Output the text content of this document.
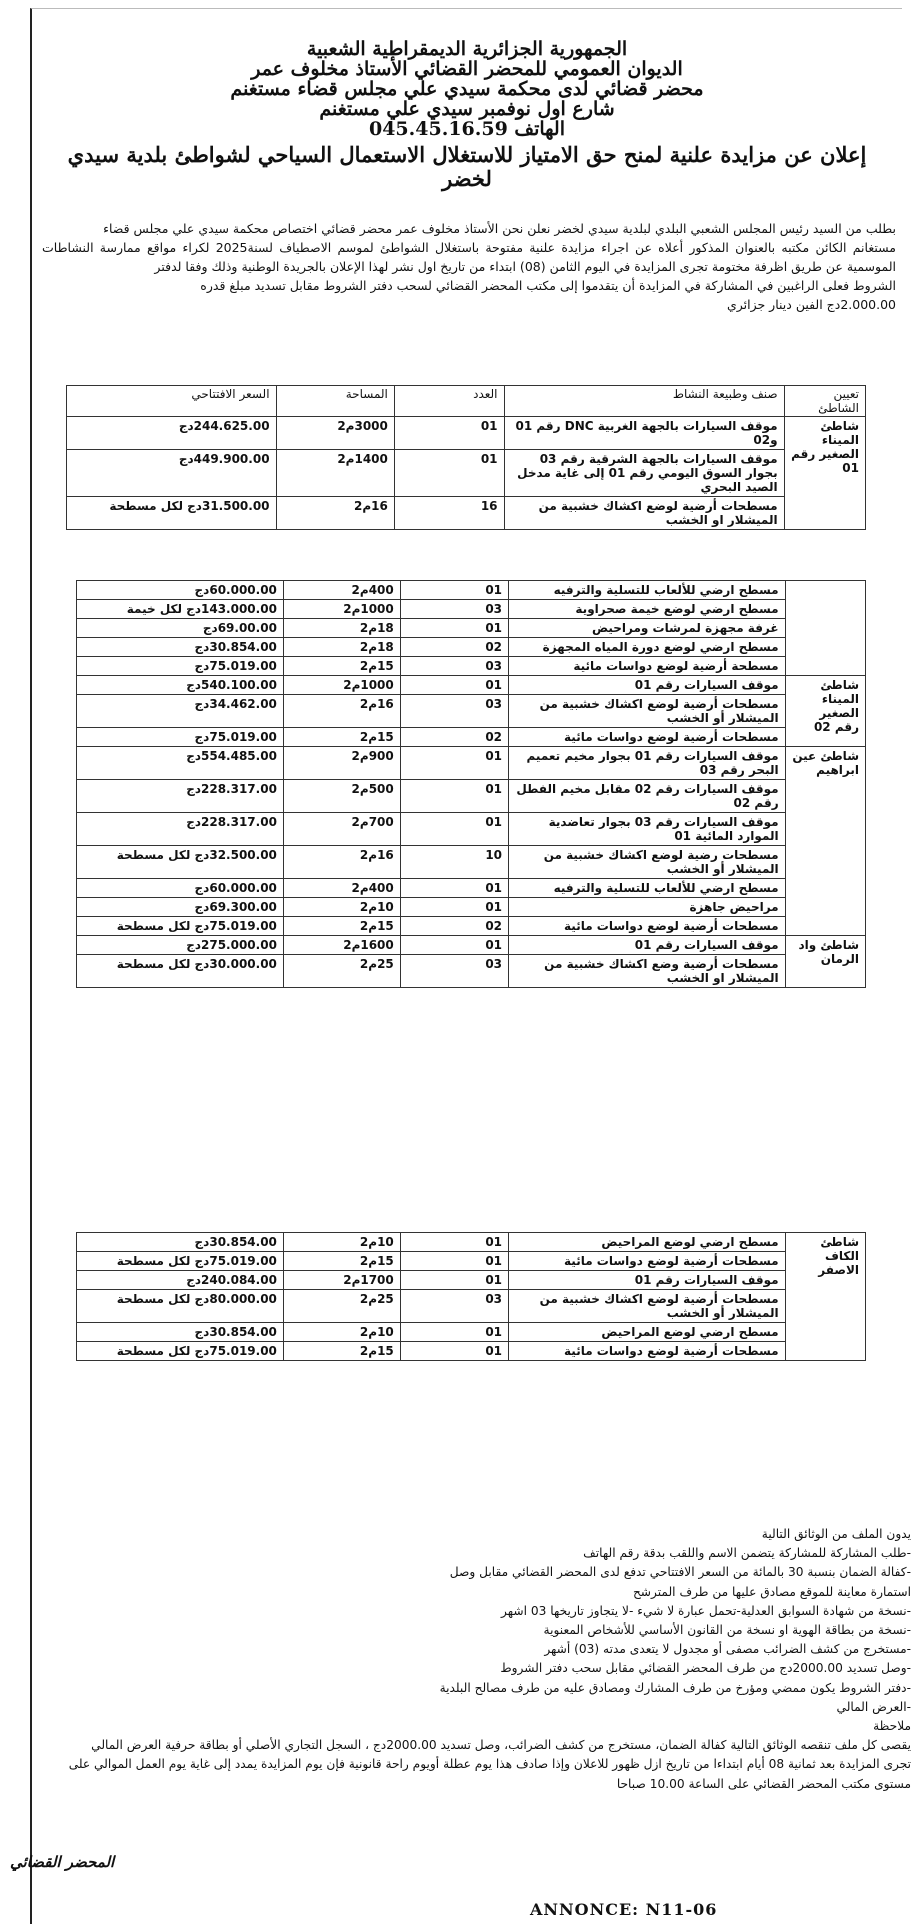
الجمهورية الجزائرية الديمقراطية الشعبية
الديوان العمومي للمحضر القضائي الأستاذ مخلوف عمر
محضر قضائي لدى محكمة سيدي علي مجلس قضاء مستغنم
شارع اول نوفمبر سيدي علي مستغنم
الهاتف 045.45.16.59
إعلان عن مزايدة علنية لمنح حق الامتياز للاستغلال الاستعمال السياحي لشواطئ بلدية سيدي لخضر

بطلب من السيد رئيس المجلس الشعبي البلدي لبلدية سيدي لخضر نعلن نحن الأستاذ مخلوف عمر محضر قضائي اختصاص محكمة سيدي علي مجلس قضاء

مستغانم الكائن مكتبه بالعنوان المذكور أعلاه عن اجراء مزايدة علنية مفتوحة باستغلال الشواطئ لموسم الاصطياف لسنة2025 لكراء مواقع ممارسة النشاطات الموسمية عن طريق اظرفة مختومة تجرى المزايدة في اليوم الثامن (08) ابتداء من تاريخ اول نشر لهذا الإعلان بالجريدة الوطنية وذلك وفقا لدفتر

الشروط فعلى الراغبين في المشاركة في المزايدة أن يتقدموا إلى مكتب المحضر القضائي لسحب دفتر الشروط مقابل تسديد مبلغ قدره

2.000.00دج الفين دينار جزائري

تعيين الشاطئ	صنف وطبيعة النشاط	العدد	المساحة	السعر الافتتاحي
شاطئ الميناء الصغير رقم 01	موقف السيارات بالجهة الغربية DNC رقم 01 و02	01	3000م2	244.625.00دج
	موقف السيارات بالجهة الشرقية رقم 03 بجوار السوق اليومي رقم 01 إلى غاية مدخل الصيد البحري	01	1400م2	449.900.00دج
	مسطحات أرضية لوضع اكشاك خشبية من الميشلار او الخشب	16	16م2	31.500.00دج لكل مسطحة
	مسطح ارضي للألعاب للتسلية والترفيه	01	400م2	60.000.00دج
	مسطح ارضي لوضع خيمة صحراوية	03	1000م2	143.000.00دج لكل خيمة
	غرفة مجهزة لمرشات ومراحيض	01	18م2	69.00.00دج
	مسطح ارضي لوضع دورة المياه المجهزة	02	18م2	30.854.00دج
	مسطحة أرضية لوضع دواسات مائية	03	15م2	75.019.00دج
شاطئ الميناء الصغير رقم 02	موقف السيارات رقم 01	01	1000م2	540.100.00دج
	مسطحات أرضية لوضع اكشاك خشبية من الميشلار أو الخشب	03	16م2	34.462.00دج
	مسطحات أرضية لوضع دواسات مائية	02	15م2	75.019.00دج
شاطئ عين ابراهيم	موقف السيارات رقم 01 بجوار مخيم تعميم البحر رقم 03	01	900م2	554.485.00دج
	موقف السيارات رقم 02 مقابل مخيم الفطل رقم 02	01	500م2	228.317.00دج
	موقف السيارات رقم 03 بجوار تعاضدية الموارد المائية 01	01	700م2	228.317.00دج
	مسطحات رضية لوضع اكشاك خشبية من الميشلار أو الخشب	10	16م2	32.500.00دج لكل مسطحة
	مسطح ارضي للألعاب للتسلية والترفيه	01	400م2	60.000.00دج
	مراحيض جاهزة	01	10م2	69.300.00دج
	مسطحات أرضية لوضع دواسات مائية	02	15م2	75.019.00دج لكل مسطحة
شاطئ واد الرمان	موقف السيارات رقم 01	01	1600م2	275.000.00دج
	مسطحات أرضية وضع اكشاك خشبية من الميشلار او الخشب	03	25م2	30.000.00دج لكل مسطحة
شاطئ الكاف الاصفر	مسطح ارضي لوضع المراحيض	01	10م2	30.854.00دج
	مسطحات أرضية لوضع دواسات مائية	01	15م2	75.019.00دج لكل مسطحة
	موقف السيارات رقم 01	01	1700م2	240.084.00دج
	مسطحات أرضية لوضع اكشاك خشبية من الميشلار أو الخشب	03	25م2	80.000.00دج لكل مسطحة
	مسطح ارضي لوضع المراحيض	01	10م2	30.854.00دج
	مسطحات أرضية لوضع دواسات مائية	01	15م2	75.019.00دج لكل مسطحة

يدون الملف من الوثائق التالية

-طلب المشاركة للمشاركة يتضمن الاسم واللقب بدقة رقم الهاتف

-كفالة الضمان بنسبة 30 بالمائة من السعر الافتتاحي تدفع لدى المحضر القضائي مقابل وصل

استمارة معاينة للموقع مصادق عليها من طرف المترشح

-نسخة من شهادة السوابق العدلية-تحمل عبارة لا شيء -لا يتجاوز تاريخها 03 اشهر

-نسخة من بطاقة الهوية او نسخة من القانون الأساسي للأشخاص المعنوية

-مستخرج من كشف الضرائب مصفى أو مجدول لا يتعدى مدته (03) أشهر

-وصل تسديد 2000.00دج من طرف المحضر القضائي مقابل سحب دفتر الشروط

-دفتر الشروط يكون ممضي ومؤرخ من طرف المشارك ومصادق عليه من طرف مصالح البلدية

-العرض المالي

ملاحظة

يقصى كل ملف تنقصه الوثائق التالية كفالة الضمان، مستخرج من كشف الضرائب، وصل تسديد 2000.00دج ، السجل التجاري الأصلي أو بطاقة حرفية العرض المالي

تجرى المزايدة بعد ثمانية 08 أيام ابتداءا من تاريخ ازل ظهور للاعلان وإذا صادف هذا يوم عطلة أويوم راحة قانونية فإن يوم المزايدة يمدد إلى غاية يوم العمل الموالي على مستوى مكتب المحضر القضائي على الساعة 10.00 صباحا

المحضر القضائي
ANNONCE: N11-06
